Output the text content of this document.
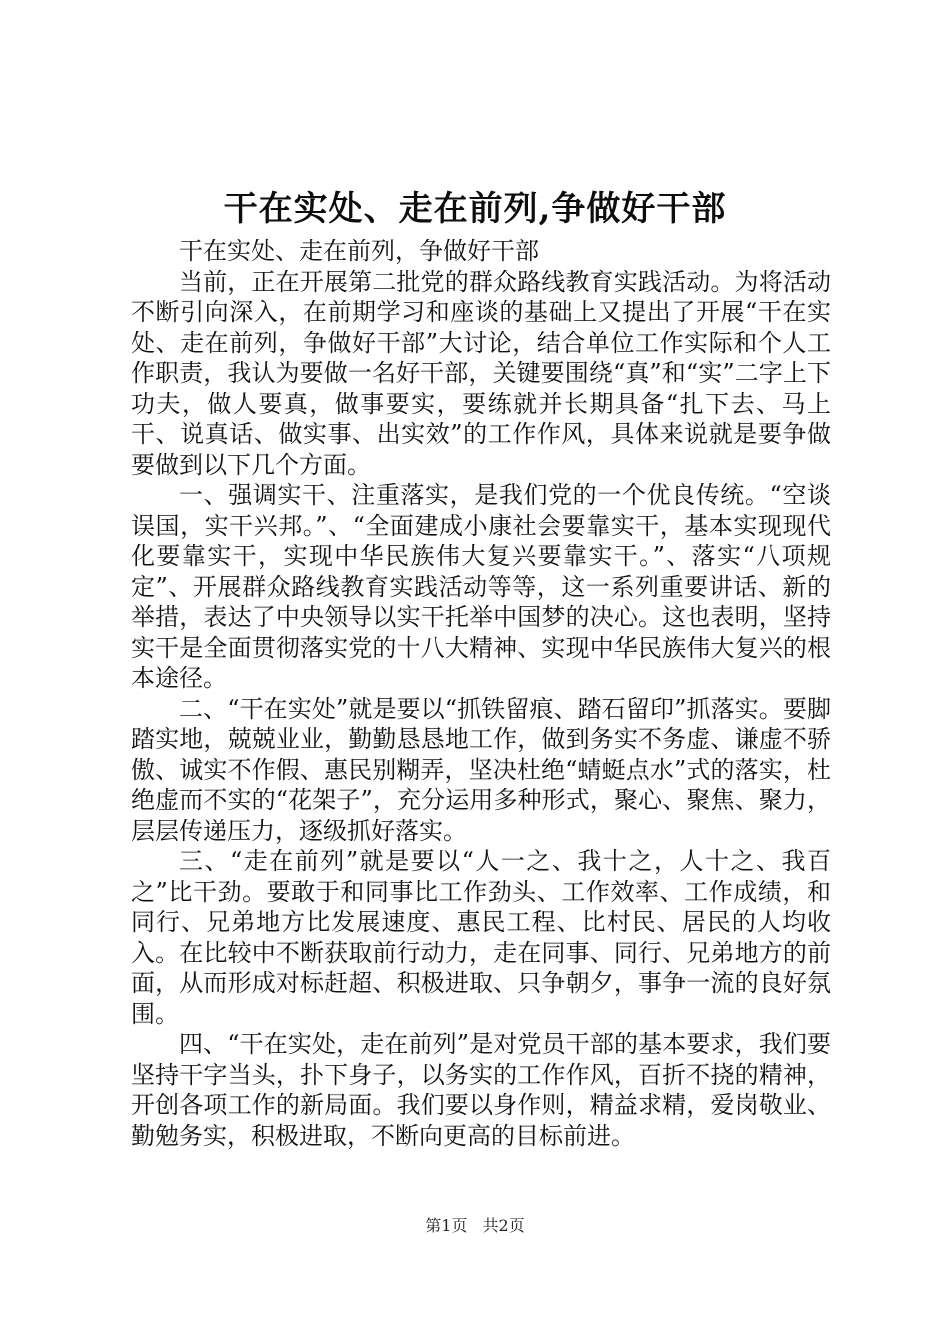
干在实处、走在前列,争做好干部

干在实处、走在前列，争做好干部

当前，正在开展第二批党的群众路线教育实践活动。为将活动不断引向深入，在前期学习和座谈的基础上又提出了开展“干在实处、走在前列，争做好干部”大讨论，结合单位工作实际和个人工作职责，我认为要做一名好干部，关键要围绕“真”和“实”二字上下功夫，做人要真，做事要实，要练就并长期具备“扎下去、马上干、说真话、做实事、出实效”的工作作风，具体来说就是要争做要做到以下几个方面。

一、强调实干、注重落实，是我们党的一个优良传统。“空谈误国，实干兴邦。”、“全面建成小康社会要靠实干，基本实现现代化要靠实干，实现中华民族伟大复兴要靠实干。”、落实“八项规定”、开展群众路线教育实践活动等等，这一系列重要讲话、新的举措，表达了中央领导以实干托举中国梦的决心。这也表明，坚持实干是全面贯彻落实党的十八大精神、实现中华民族伟大复兴的根本途径。

二、“干在实处”就是要以“抓铁留痕、踏石留印”抓落实。要脚踏实地，兢兢业业，勤勤恳恳地工作，做到务实不务虚、谦虚不骄傲、诚实不作假、惠民别糊弄，坚决杜绝“蜻蜓点水”式的落实，杜绝虚而不实的“花架子”，充分运用多种形式，聚心、聚焦、聚力，层层传递压力，逐级抓好落实。

三、“走在前列”就是要以“人一之、我十之，人十之、我百之”比干劲。要敢于和同事比工作劲头、工作效率、工作成绩，和同行、兄弟地方比发展速度、惠民工程、比村民、居民的人均收入。在比较中不断获取前行动力，走在同事、同行、兄弟地方的前面，从而形成对标赶超、积极进取、只争朝夕，事争一流的良好氛围。

四、“干在实处，走在前列”是对党员干部的基本要求，我们要坚持干字当头，扑下身子，以务实的工作作风，百折不挠的精神，开创各项工作的新局面。我们要以身作则，精益求精，爱岗敬业、勤勉务实，积极进取，不断向更高的目标前进。

第1页 共2页
